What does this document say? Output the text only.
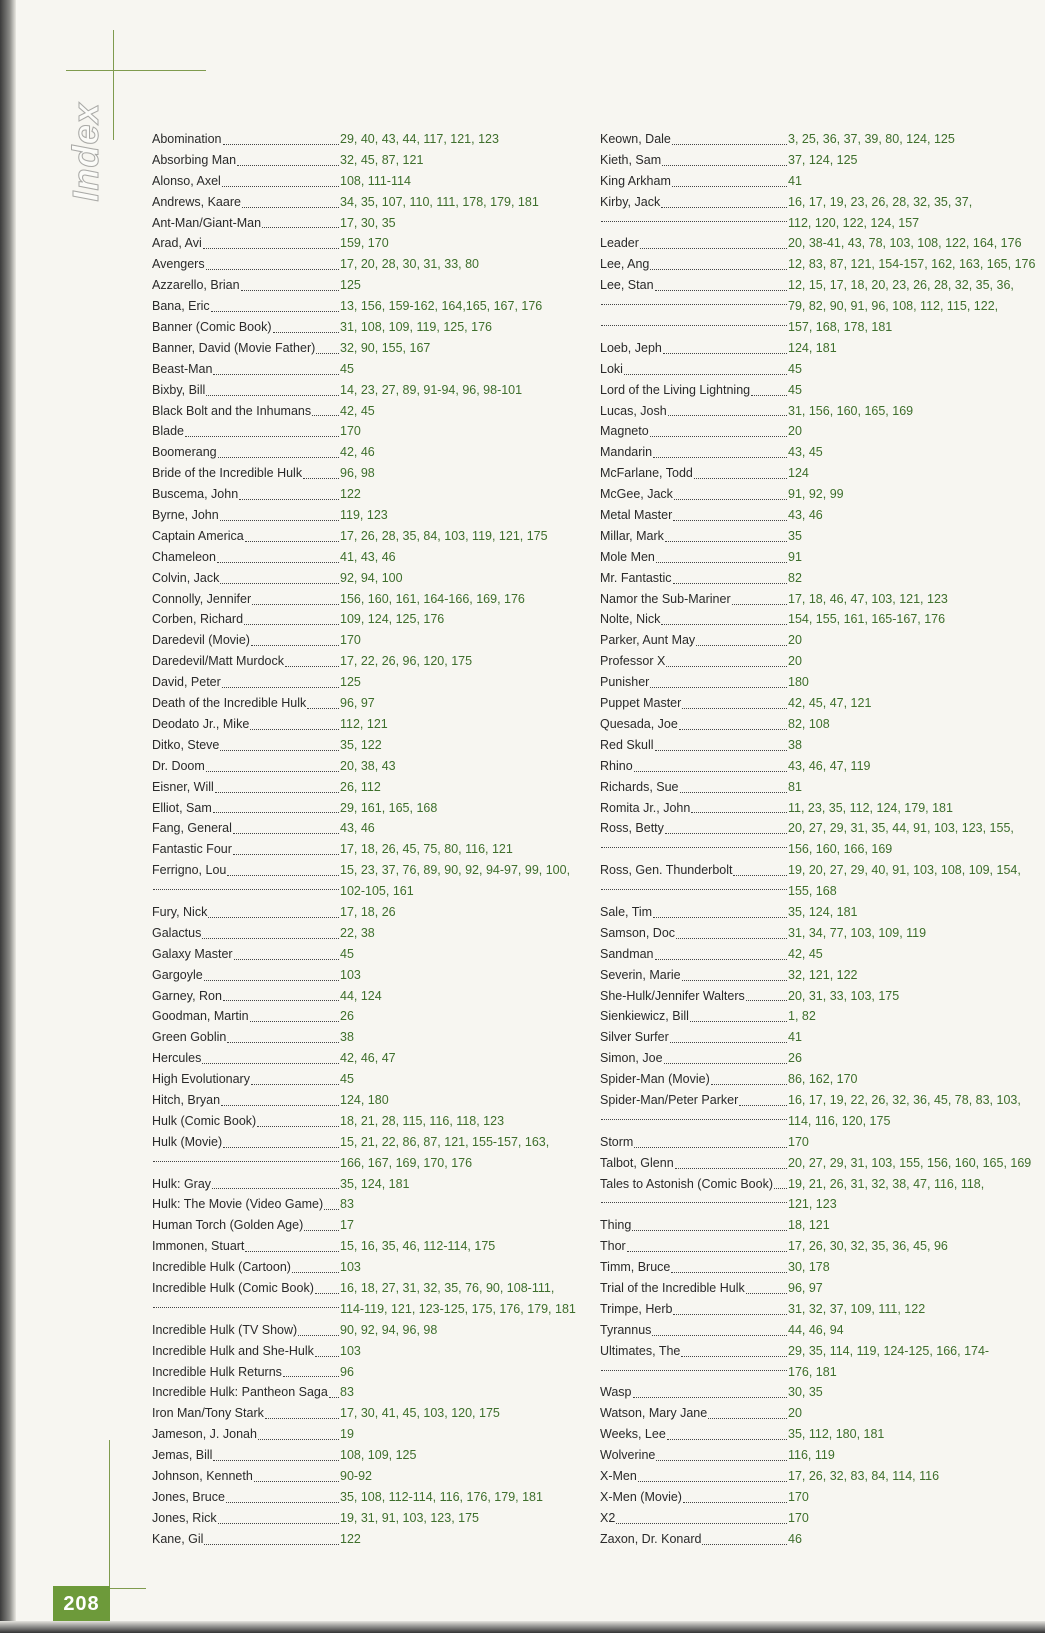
Index	Abomination	29, 40, 43, 44, 117, 121, 123
Absorbing Man	32, 45, 87, 121
Alonso, Axel	108, 111-114
Andrews, Kaare	34, 35, 107, 110, 111, 178, 179, 181
Ant-Man/Giant-Man	17, 30, 35
Arad, Avi	159, 170
Avengers	17, 20, 28, 30, 31, 33, 80
Azzarello, Brian	125
Bana, Eric	13, 156, 159-162, 164,165, 167, 176
Banner (Comic Book)	31, 108, 109, 119, 125, 176
Banner, David (Movie Father) 32, 90, 155, 167
Beast-Man	45
Bixby, Bill	14, 23, 27, 89, 91-94, 96, 98-101
Black Bolt and the Inhumans 42, 45
Blade	170
Boomerang	42, 46
Bride of the Incredible Hulk	96, 98
Buscema, John	122
Byrne, John	119, 123
Captain America	17, 26, 28, 35, 84, 103, 119, 121, 175
Chameleon	41, 43, 46
Colvin, Jack	92, 94, 100
Connolly, Jennifer	156, 160, 161, 164-166, 169, 176
Corben, Richard	109, 124, 125, 176
Daredevil (Movie)	170
Daredevil/Matt Murdock	17, 22, 26, 96, 120, 175
David, Peter	125
Death of the Incredible Hulk	96, 97
Deodato Jr., Mike	112, 121
Ditko, Steve	35, 122
Dr. Doom	20, 38, 43
Eisner, Will	26, 112
Elliot, Sam	29, 161, 165, 168
Fang, General	43, 46
Fantastic Four	17, 18, 26, 45, 75, 80, 116, 121
Ferrigno, Lou	15, 23, 37, 76, 89, 90, 92, 94-97, 99, 100,
102-105, 161
Fury, Nick	17, 18, 26
Galactus	22, 38
Galaxy Master	45
Gargoyle	103
Garney, Ron	44, 124
Goodman, Martin	26
Green Goblin	38
Hercules	42, 46, 47
High Evolutionary	45
Hitch, Bryan	124, 180
Hulk (Comic Book)	18, 21, 28, 115, 116, 118, 123
Hulk (Movie)	15, 21, 22, 86, 87, 121, 155-157, 163,
166, 167, 169, 170, 176
Hulk: Gray	35, 124, 181
Hulk: The Movie (Video Game) 83
Human Torch (Golden Age)	17
Immonen, Stuart	15, 16, 35, 46, 112-114, 175
Incredible Hulk (Cartoon)	103
Incredible Hulk (Comic Book) 16, 18, 27, 31, 32, 35, 76, 90, 108-111,
114-119, 121, 123-125, 175, 176, 179, 181
Incredible Hulk (TV Show)	90, 92, 94, 96, 98
Incredible Hulk and She-Hulk 103
Incredible Hulk Returns	96
Incredible Hulk: Pantheon Saga 83
Iron Man/Tony Stark	17, 30, 41, 45, 103, 120, 175
Jameson, J. Jonah	19
Jemas, Bill	108, 109, 125
Johnson, Kenneth	90-92
Jones, Bruce	35, 108, 112-114, 116, 176, 179, 181
Jones, Rick	19, 31, 91, 103, 123, 175
Kane, Gil	122
Keown, Dale	3, 25, 36, 37, 39, 80, 124, 125
Kieth, Sam	37, 124, 125
King Arkham	41
Kirby, Jack	16, 17, 19, 23, 26, 28, 32, 35, 37,
112, 120, 122, 124, 157
Leader	20, 38-41, 43, 78, 103, 108, 122, 164, 176
Lee, Ang	12, 83, 87, 121, 154-157, 162, 163, 165, 176
Lee, Stan	12, 15, 17, 18, 20, 23, 26, 28, 32, 35, 36,
79, 82, 90, 91, 96, 108, 112, 115, 122,
157, 168, 178, 181
Loeb, Jeph	124, 181
Loki	45
Lord of the Living Lightning	45
Lucas, Josh	31, 156, 160, 165, 169
Magneto	20
Mandarin	43, 45
McFarlane, Todd	124
McGee, Jack	91, 92, 99
Metal Master	43, 46
Millar, Mark	35
Mole Men	91
Mr. Fantastic	82
Namor the Sub-Mariner	17, 18, 46, 47, 103, 121, 123
Nolte, Nick	154, 155, 161, 165-167, 176
Parker, Aunt May	20
Professor X	20
Punisher	180
Puppet Master	42, 45, 47, 121
Quesada, Joe	82, 108
Red Skull	38
Rhino	43, 46, 47, 119
Richards, Sue	81
Romita Jr., John	11, 23, 35, 112, 124, 179, 181
Ross, Betty	20, 27, 29, 31, 35, 44, 91, 103, 123, 155,
156, 160, 166, 169
Ross, Gen. Thunderbolt	19, 20, 27, 29, 40, 91, 103, 108, 109, 154,
155, 168
Sale, Tim	35, 124, 181
Samson, Doc	31, 34, 77, 103, 109, 119
Sandman	42, 45
Severin, Marie	32, 121, 122
She-Hulk/Jennifer Walters	20, 31, 33, 103, 175
Sienkiewicz, Bill	1, 82
Silver Surfer	41
Simon, Joe	26
Spider-Man (Movie)	86, 162, 170
Spider-Man/Peter Parker	16, 17, 19, 22, 26, 32, 36, 45, 78, 83, 103,
114, 116, 120, 175
Storm	170
Talbot, Glenn	20, 27, 29, 31, 103, 155, 156, 160, 165, 169
Tales to Astonish (Comic Book) 19, 21, 26, 31, 32, 38, 47, 116, 118,
121, 123
Thing	18, 121
Thor	17, 26, 30, 32, 35, 36, 45, 96
Timm, Bruce	30, 178
Trial of the Incredible Hulk	96, 97
Trimpe, Herb	31, 32, 37, 109, 111, 122
Tyrannus	44, 46, 94
Ultimates, The	29, 35, 114, 119, 124-125, 166, 174-
176, 181
Wasp	30, 35
Watson, Mary Jane	20
Weeks, Lee	35, 112, 180, 181
Wolverine	116, 119
X-Men	17, 26, 32, 83, 84, 114, 116
X-Men (Movie)	170
X2	170
Zaxon, Dr. Konard	46
208
